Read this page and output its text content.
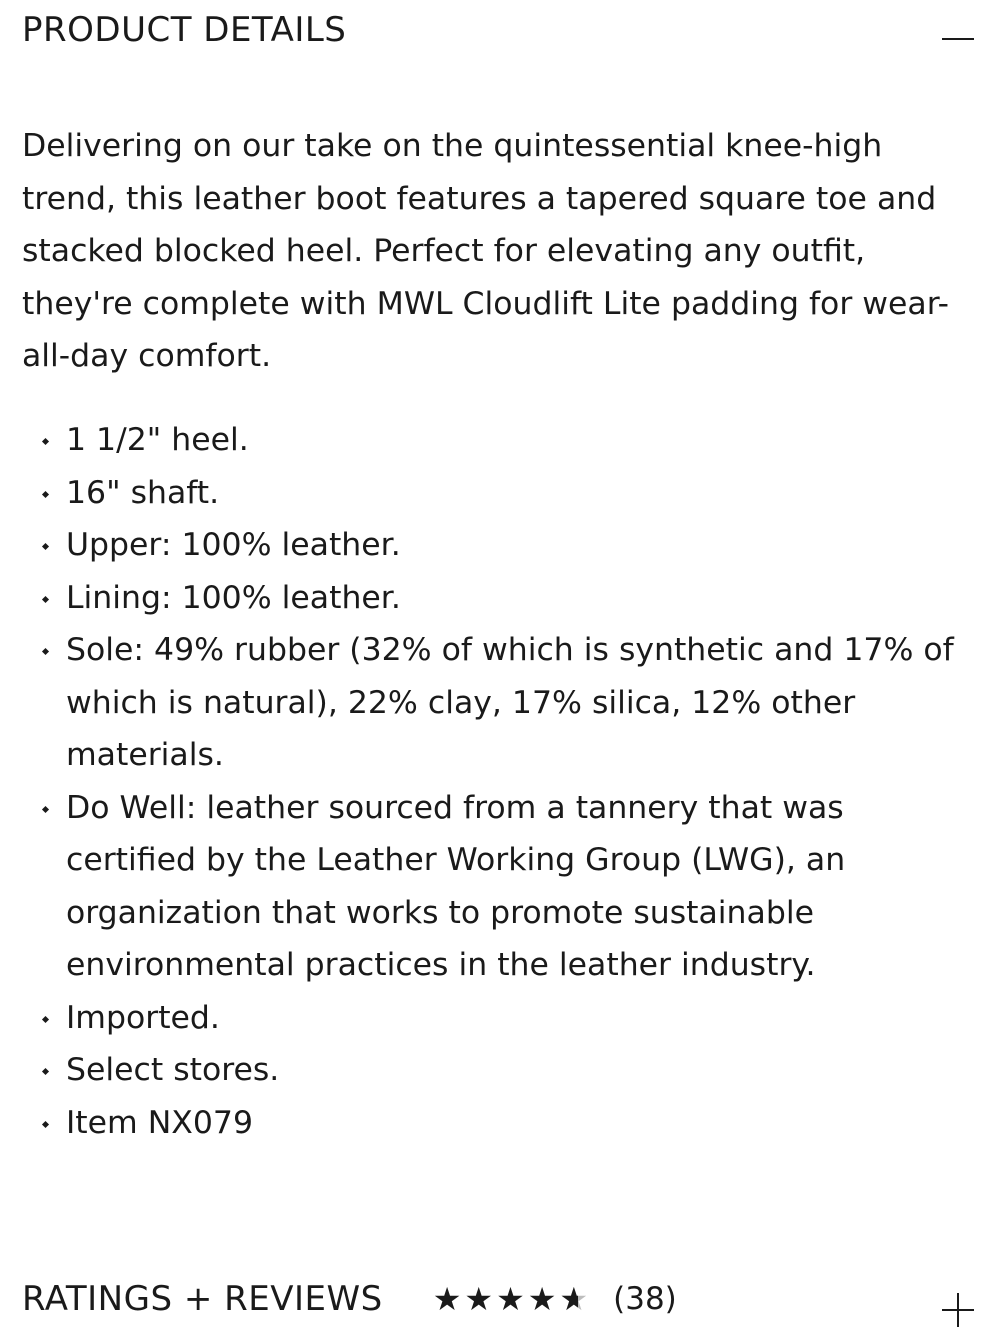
PRODUCT DETAILS

Delivering on our take on the quintessential knee-high trend, this leather boot features a tapered square toe and stacked blocked heel. Perfect for elevating any outfit, they're complete with MWL Cloudlift Lite padding for wear-all-day comfort.

1 1/2" heel.
16" shaft.
Upper: 100% leather.
Lining: 100% leather.
Sole: 49% rubber (32% of which is synthetic and 17% of which is natural), 22% clay, 17% silica, 12% other materials.
Do Well: leather sourced from a tannery that was certified by the Leather Working Group (LWG), an organization that works to promote sustainable environmental practices in the leather industry.
Imported.
Select stores.
Item NX079
RATINGS + REVIEWS ★ ★ ★ ★
★ ★ (38)
